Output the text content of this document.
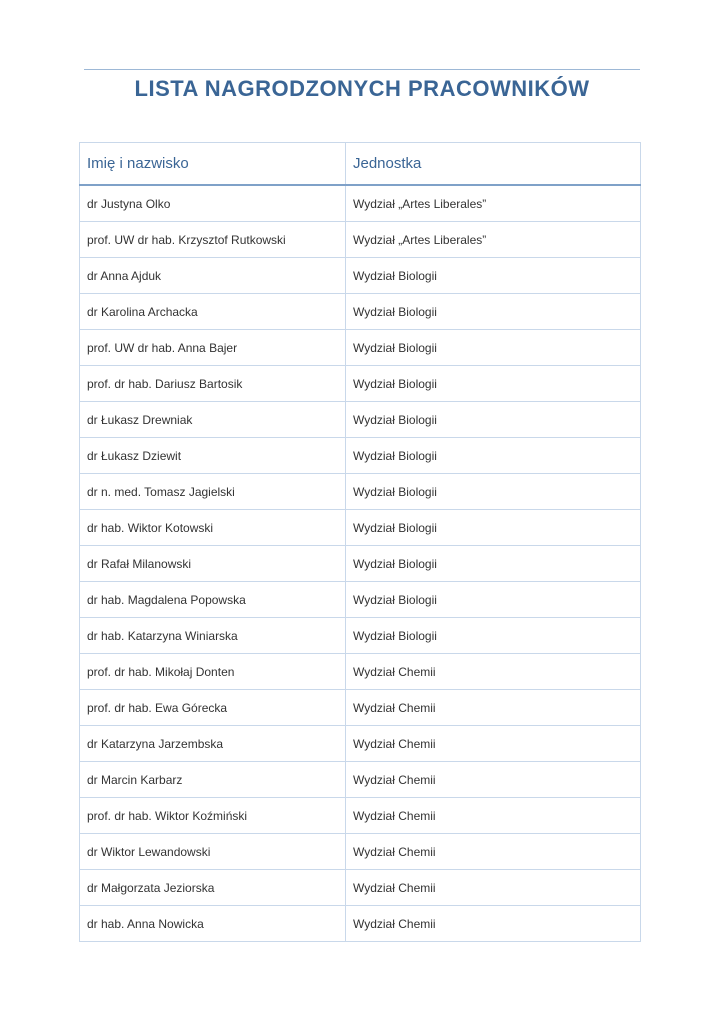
LISTA NAGRODZONYCH PRACOWNIKÓW
Imię i nazwisko	Jednostka
dr Justyna Olko	Wydział „Artes Liberales”
prof. UW dr hab. Krzysztof Rutkowski	Wydział „Artes Liberales”
dr Anna Ajduk	Wydział Biologii
dr Karolina Archacka	Wydział Biologii
prof. UW dr hab. Anna Bajer	Wydział Biologii
prof. dr hab. Dariusz Bartosik	Wydział Biologii
dr Łukasz Drewniak	Wydział Biologii
dr Łukasz Dziewit	Wydział Biologii
dr n. med. Tomasz Jagielski	Wydział Biologii
dr hab. Wiktor Kotowski	Wydział Biologii
dr Rafał Milanowski	Wydział Biologii
dr hab. Magdalena Popowska	Wydział Biologii
dr hab. Katarzyna Winiarska	Wydział Biologii
prof. dr hab. Mikołaj Donten	Wydział Chemii
prof. dr hab. Ewa Górecka	Wydział Chemii
dr Katarzyna Jarzembska	Wydział Chemii
dr Marcin Karbarz	Wydział Chemii
prof. dr hab. Wiktor Koźmiński	Wydział Chemii
dr Wiktor Lewandowski	Wydział Chemii
dr Małgorzata Jeziorska	Wydział Chemii
dr hab. Anna Nowicka	Wydział Chemii
